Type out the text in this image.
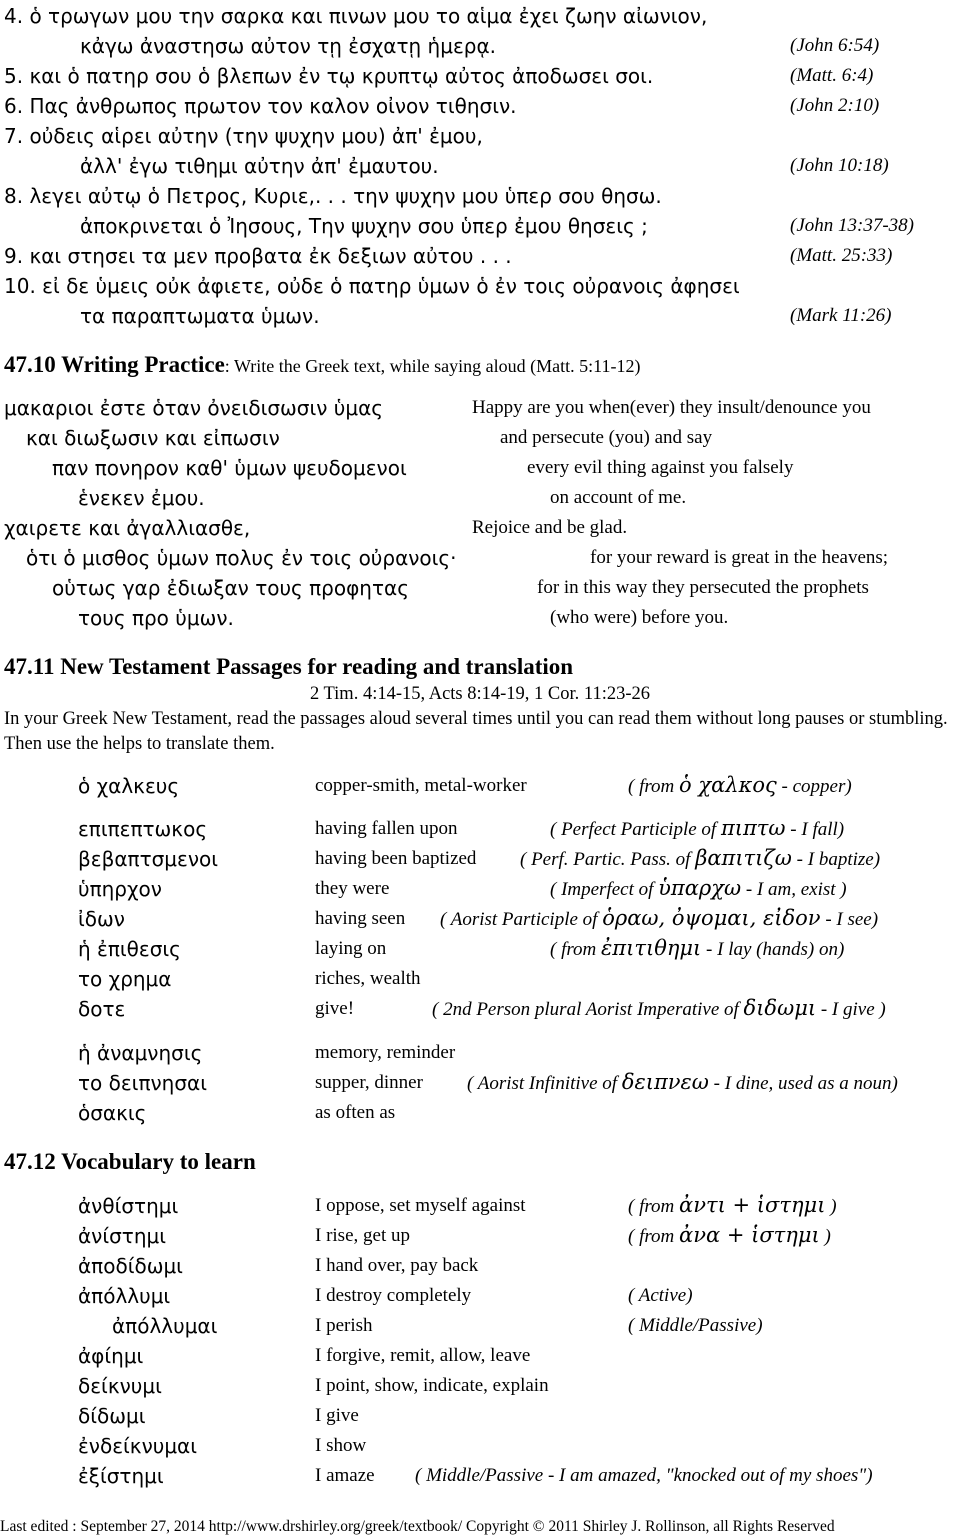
4. ὁ τρωγων μου την σαρκα και πινων μου το αἱμα ἐχει ζωην αἰωνιον,
κἀγω ἀναστησω αὐτον τῃ ἐσχατῃ ἡμερᾳ.	(John 6:54)
5. και ὁ πατηρ σου ὁ βλεπων ἐν τῳ κρυπτῳ αὐτος ἀποδωσει σοι.	(Matt. 6:4)
6. Πας ἀνθρωπος πρωτον τον καλον οἰνον τιθησιν.	(John 2:10)
7. οὐδεις αἱρει αὐτην (την ψυχην μου) ἀπ' ἐμου,
ἀλλ' ἐγω τιθημι αὐτην ἀπ' ἐμαυτου.	(John 10:18)
8. λεγει αὐτῳ ὁ Πετρος, Κυριε,. . . την ψυχην μου ὑπερ σου θησω.
ἀποκρινεται ὁ Ἰησους, Την ψυχην σου ὑπερ ἐμου θησεις ;	(John 13:37-38)
9. και στησει τα μεν προβατα ἐκ δεξιων αὐτου . . .	(Matt. 25:33)
10. εἰ δε ὑμεις οὐκ ἀφιετε, οὐδε ὁ πατηρ ὑμων ὁ ἐν τοις οὐρανοις ἀφησει
τα παραπτωματα ὑμων.	(Mark 11:26)
47.10 Writing Practice: Write the Greek text, while saying aloud (Matt. 5:11-12)
μακαριοι ἐστε ὁταν ὀνειδισωσιν ὑμας	Happy are you when(ever) they insult/denounce you
και διωξωσιν και εἰπωσιν	and persecute (you) and say
παν πονηρον καθ' ὑμων ψευδομενοι	every evil thing against you falsely
ἑνεκεν ἐμου.	on account of me.
χαιρετε και ἀγαλλιασθε,	Rejoice and be glad.
ὁτι ὁ μισθος ὑμων πολυς ἐν τοις οὐρανοις·	for your reward is great in the heavens;
οὑτως γαρ ἐδιωξαν τους προφητας	for in this way they persecuted the prophets
τους προ ὑμων.	(who were) before you.
47.11 New Testament Passages for reading and translation
2 Tim. 4:14-15, Acts 8:14-19, 1 Cor. 11:23-26
In your Greek New Testament, read the passages aloud several times until you can read them without long pauses or stumbling. Then use the helps to translate them.
ὁ χαλκευς	copper-smith, metal-worker	( from ὁ χαλκος - copper)
επιπεπτωκος	having fallen upon	( Perfect Participle of πιπτω - I fall)
βεβαπτσμενοι	having been baptized ( Perf. Partic. Pass. of βαπιτιζω - I baptize)
ὑπηρχον	they were	( Imperfect of ὑπαρχω - I am, exist )
ἰδων	having seen ( Aorist Participle of ὁραω, ὀψομαι, εἰδον - I see)
ἡ ἐπιθεσις	laying on	( from ἐπιτιθημι - I lay (hands) on)
το χρημα	riches, wealth
δοτε	give!	( 2nd Person plural Aorist Imperative of διδωμι - I give )
ἡ ἀναμνησις	memory, reminder
το δειπνησαι	supper, dinner ( Aorist Infinitive of δειπνεω - I dine, used as a noun)
ὁσακις	as often as
47.12 Vocabulary to learn
ἀνθίστημι	I oppose, set myself against	( from ἀντι + ἱστημι )
ἀνίστημι	I rise, get up	( from ἀνα + ἱστημι )
ἀποδίδωμι	I hand over, pay back
ἀπόλλυμι	I destroy completely	( Active)
ἀπόλλυμαι	I perish	( Middle/Passive)
ἀφίημι	I forgive, remit, allow, leave
δείκνυμι	I point, show, indicate, explain
δίδωμι	I give
ἐνδείκνυμαι	I show
ἐξίστημι	I amaze ( Middle/Passive - I am amazed, "knocked out of my shoes")
Last edited : September 27, 2014 http://www.drshirley.org/greek/textbook/ Copyright © 2011 Shirley J. Rollinson, all Rights Reserved
